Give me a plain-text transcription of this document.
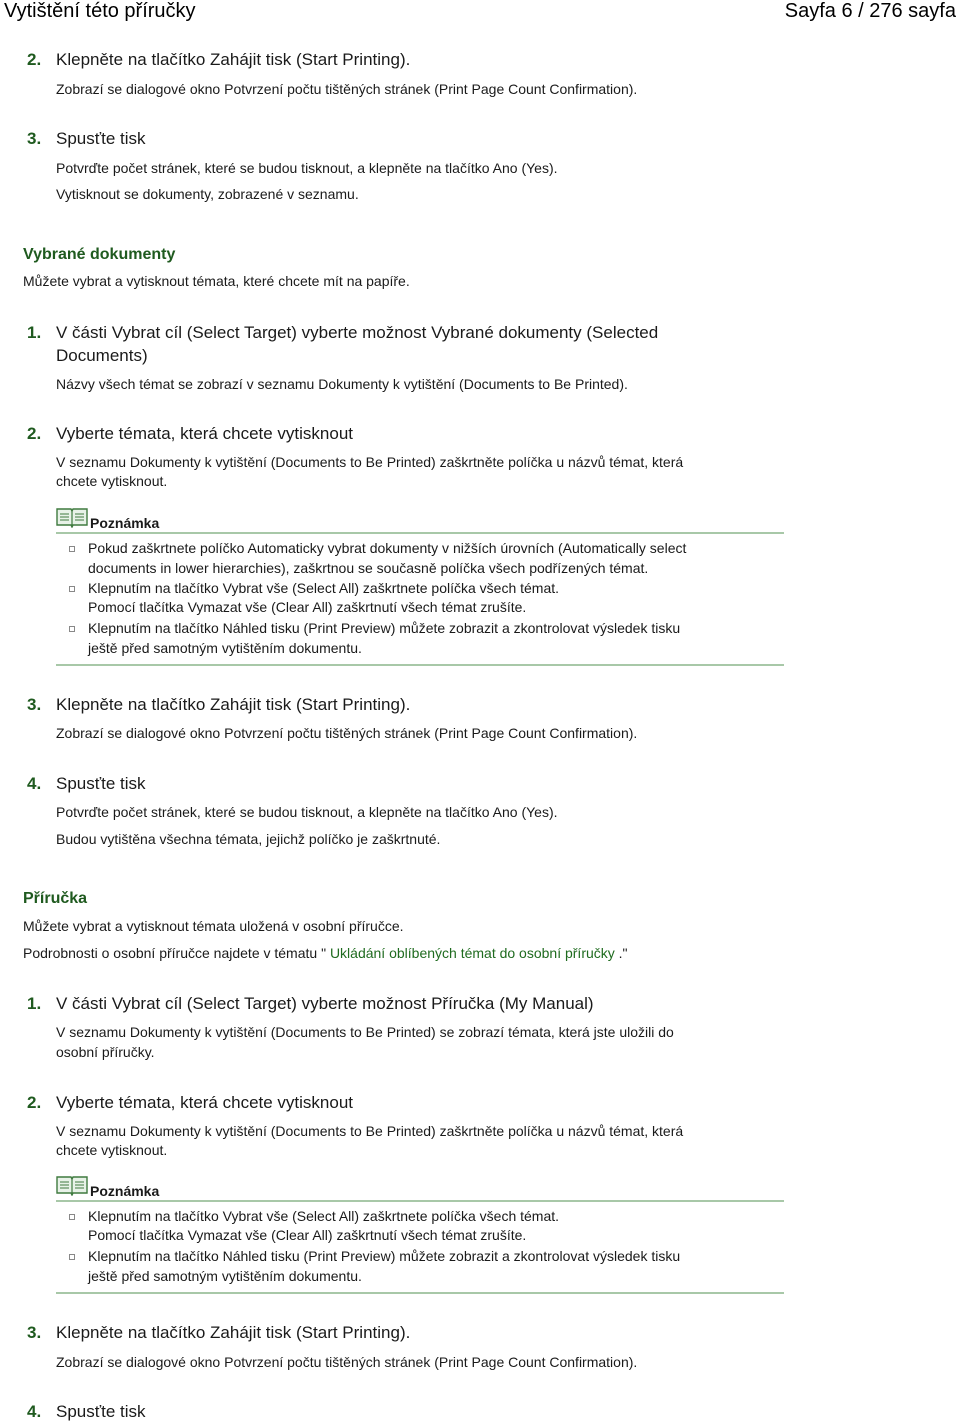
Vytištění této příručky	Sayfa 6 / 276 sayfa
2. Klepněte na tlačítko Zahájit tisk (Start Printing).
Zobrazí se dialogové okno Potvrzení počtu tištěných stránek (Print Page Count Confirmation).
3. Spusťte tisk
Potvrďte počet stránek, které se budou tisknout, a klepněte na tlačítko Ano (Yes).
Vytisknout se dokumenty, zobrazené v seznamu.
Vybrané dokumenty
Můžete vybrat a vytisknout témata, které chcete mít na papíře.
1. V části Vybrat cíl (Select Target) vyberte možnost Vybrané dokumenty (Selected
Documents)
Názvy všech témat se zobrazí v seznamu Dokumenty k vytištění (Documents to Be Printed).
2. Vyberte témata, která chcete vytisknout
V seznamu Dokumenty k vytištění (Documents to Be Printed) zaškrtněte políčka u názvů témat, která
chcete vytisknout.
Poznámka
Pokud zaškrtnete políčko Automaticky vybrat dokumenty v nižších úrovních (Automatically select
documents in lower hierarchies), zaškrtnou se současně políčka všech podřízených témat.
Klepnutím na tlačítko Vybrat vše (Select All) zaškrtnete políčka všech témat.
Pomocí tlačítka Vymazat vše (Clear All) zaškrtnutí všech témat zrušíte.
Klepnutím na tlačítko Náhled tisku (Print Preview) můžete zobrazit a zkontrolovat výsledek tisku
ještě před samotným vytištěním dokumentu.
3. Klepněte na tlačítko Zahájit tisk (Start Printing).
Zobrazí se dialogové okno Potvrzení počtu tištěných stránek (Print Page Count Confirmation).
4. Spusťte tisk
Potvrďte počet stránek, které se budou tisknout, a klepněte na tlačítko Ano (Yes).
Budou vytištěna všechna témata, jejichž políčko je zaškrtnuté.
Příručka
Můžete vybrat a vytisknout témata uložená v osobní příručce.
Podrobnosti o osobní příručce najdete v tématu " Ukládání oblíbených témat do osobní příručky ."
1. V části Vybrat cíl (Select Target) vyberte možnost Příručka (My Manual)
V seznamu Dokumenty k vytištění (Documents to Be Printed) se zobrazí témata, která jste uložili do
osobní příručky.
2. Vyberte témata, která chcete vytisknout
V seznamu Dokumenty k vytištění (Documents to Be Printed) zaškrtněte políčka u názvů témat, která
chcete vytisknout.
Poznámka
Klepnutím na tlačítko Vybrat vše (Select All) zaškrtnete políčka všech témat.
Pomocí tlačítka Vymazat vše (Clear All) zaškrtnutí všech témat zrušíte.
Klepnutím na tlačítko Náhled tisku (Print Preview) můžete zobrazit a zkontrolovat výsledek tisku
ještě před samotným vytištěním dokumentu.
3. Klepněte na tlačítko Zahájit tisk (Start Printing).
Zobrazí se dialogové okno Potvrzení počtu tištěných stránek (Print Page Count Confirmation).
4. Spusťte tisk
